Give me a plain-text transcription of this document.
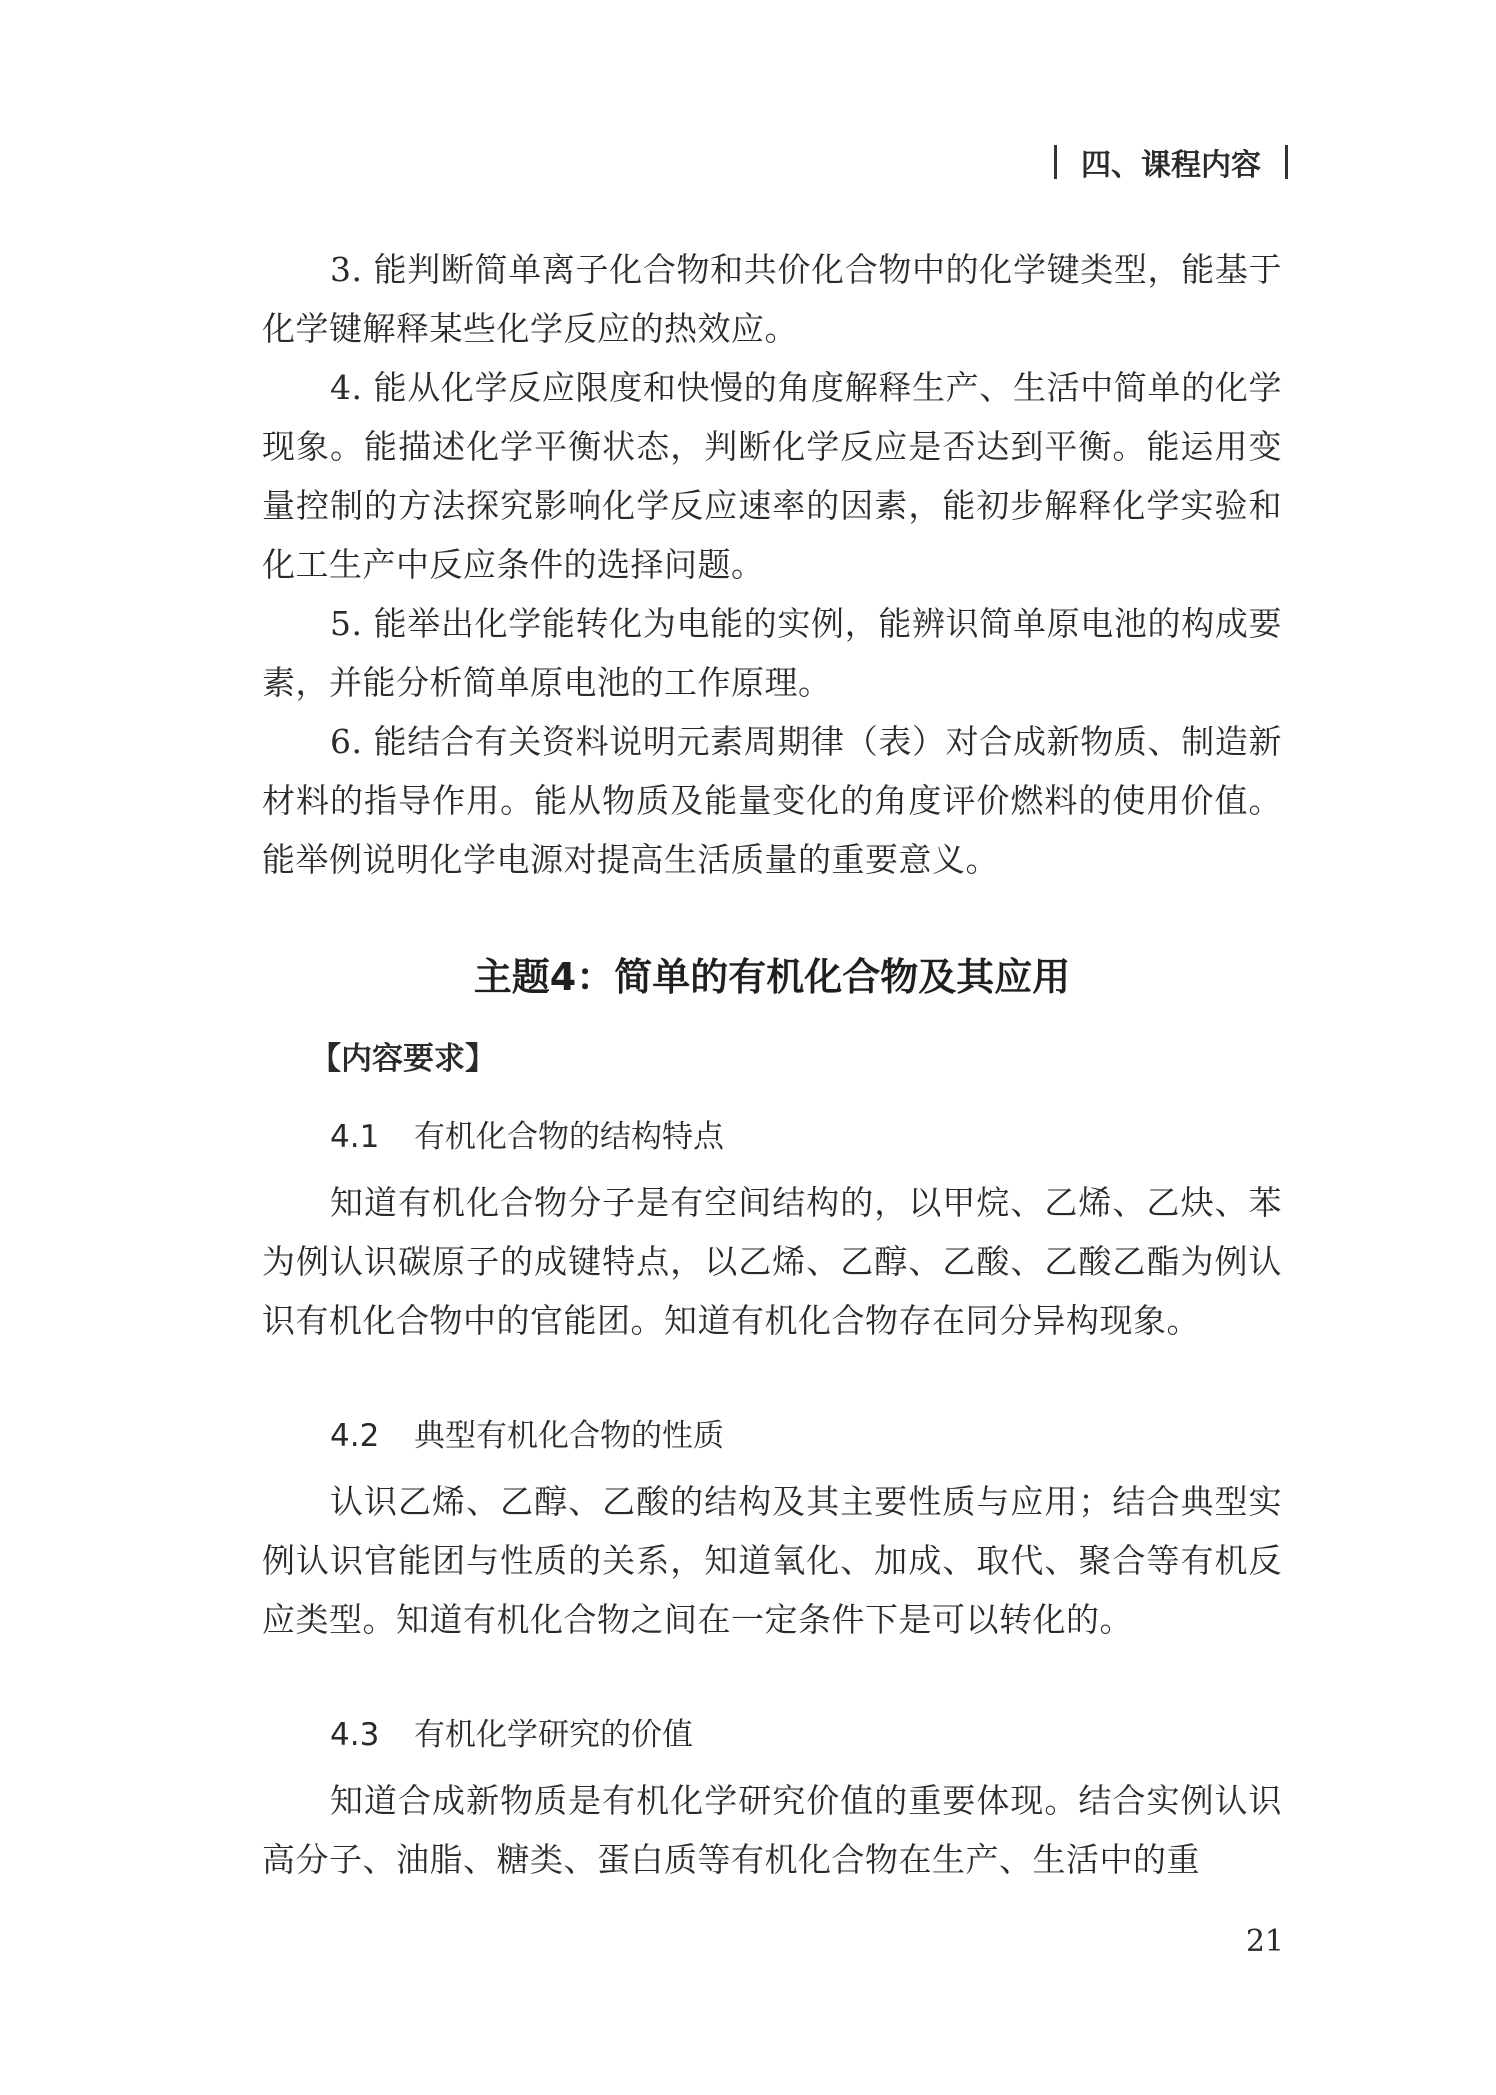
四、课程内容

3. 能判断简单离子化合物和共价化合物中的化学键类型，能基于化学键解释某些化学反应的热效应。

4. 能从化学反应限度和快慢的角度解释生产、生活中简单的化学现象。能描述化学平衡状态，判断化学反应是否达到平衡。能运用变量控制的方法探究影响化学反应速率的因素，能初步解释化学实验和化工生产中反应条件的选择问题。

5. 能举出化学能转化为电能的实例，能辨识简单原电池的构成要素，并能分析简单原电池的工作原理。

6. 能结合有关资料说明元素周期律（表）对合成新物质、制造新材料的指导作用。能从物质及能量变化的角度评价燃料的使用价值。能举例说明化学电源对提高生活质量的重要意义。

主题4：简单的有机化合物及其应用
【内容要求】
4.1 有机化合物的结构特点

知道有机化合物分子是有空间结构的，以甲烷、乙烯、乙炔、苯为例认识碳原子的成键特点，以乙烯、乙醇、乙酸、乙酸乙酯为例认识有机化合物中的官能团。知道有机化合物存在同分异构现象。

4.2 典型有机化合物的性质

认识乙烯、乙醇、乙酸的结构及其主要性质与应用；结合典型实例认识官能团与性质的关系，知道氧化、加成、取代、聚合等有机反应类型。知道有机化合物之间在一定条件下是可以转化的。

4.3 有机化学研究的价值

知道合成新物质是有机化学研究价值的重要体现。结合实例认识高分子、油脂、糖类、蛋白质等有机化合物在生产、生活中的重

21
